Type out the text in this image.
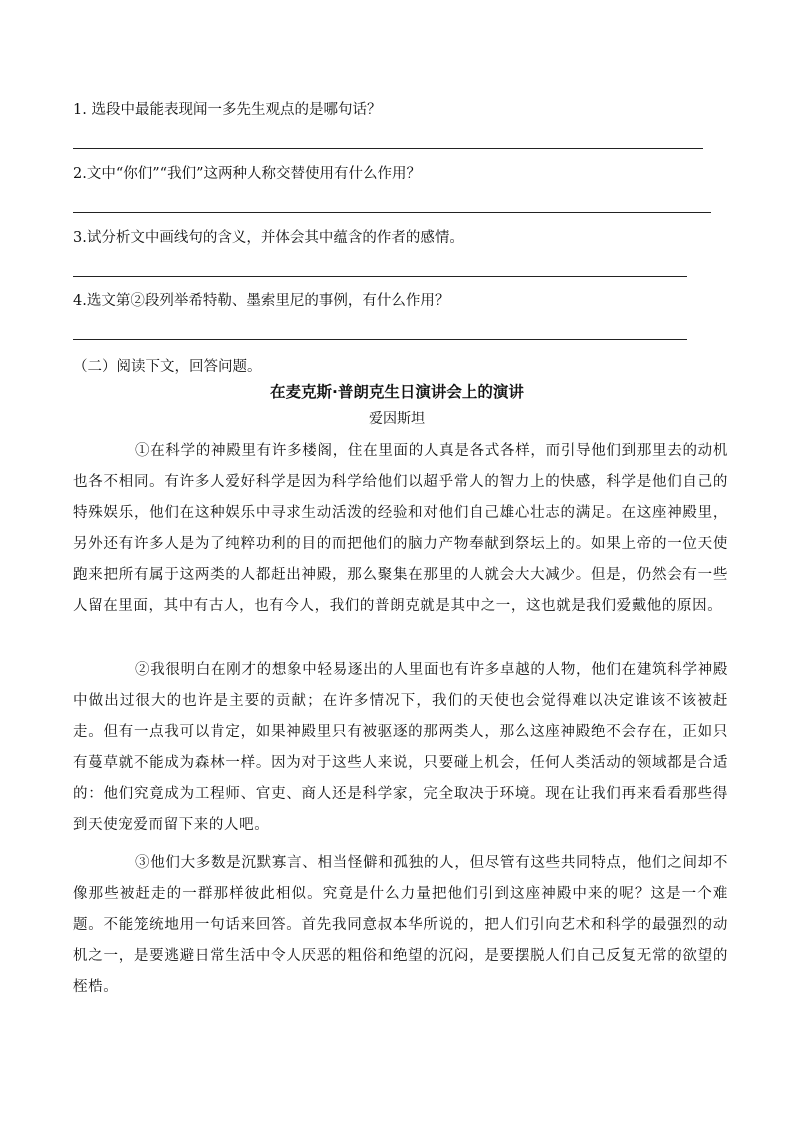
1. 选段中最能表现闻一多先生观点的是哪句话？
2.文中“你们”“我们”这两种人称交替使用有什么作用？
3.试分析文中画线句的含义，并体会其中蕴含的作者的感情。
4.选文第②段列举希特勒、墨索里尼的事例，有什么作用？
（二）阅读下文，回答问题。
在麦克斯·普朗克生日演讲会上的演讲
爱因斯坦
①在科学的神殿里有许多楼阁，住在里面的人真是各式各样，而引导他们到那里去的动机也各不相同。有许多人爱好科学是因为科学给他们以超乎常人的智力上的快感，科学是他们自己的特殊娱乐，他们在这种娱乐中寻求生动活泼的经验和对他们自己雄心壮志的满足。在这座神殿里，另外还有许多人是为了纯粹功利的目的而把他们的脑力产物奉献到祭坛上的。如果上帝的一位天使跑来把所有属于这两类的人都赶出神殿，那么聚集在那里的人就会大大减少。但是，仍然会有一些人留在里面，其中有古人，也有今人，我们的普朗克就是其中之一，这也就是我们爱戴他的原因。
②我很明白在刚才的想象中轻易逐出的人里面也有许多卓越的人物，他们在建筑科学神殿中做出过很大的也许是主要的贡献；在许多情况下，我们的天使也会觉得难以决定谁该不该被赶走。但有一点我可以肯定，如果神殿里只有被驱逐的那两类人，那么这座神殿绝不会存在，正如只有蔓草就不能成为森林一样。因为对于这些人来说，只要碰上机会，任何人类活动的领域都是合适的：他们究竟成为工程师、官吏、商人还是科学家，完全取决于环境。现在让我们再来看看那些得到天使宠爱而留下来的人吧。
③他们大多数是沉默寡言、相当怪僻和孤独的人，但尽管有这些共同特点，他们之间却不像那些被赶走的一群那样彼此相似。究竟是什么力量把他们引到这座神殿中来的呢？这是一个难题。不能笼统地用一句话来回答。首先我同意叔本华所说的，把人们引向艺术和科学的最强烈的动机之一，是要逃避日常生活中令人厌恶的粗俗和绝望的沉闷，是要摆脱人们自己反复无常的欲望的桎梏。
